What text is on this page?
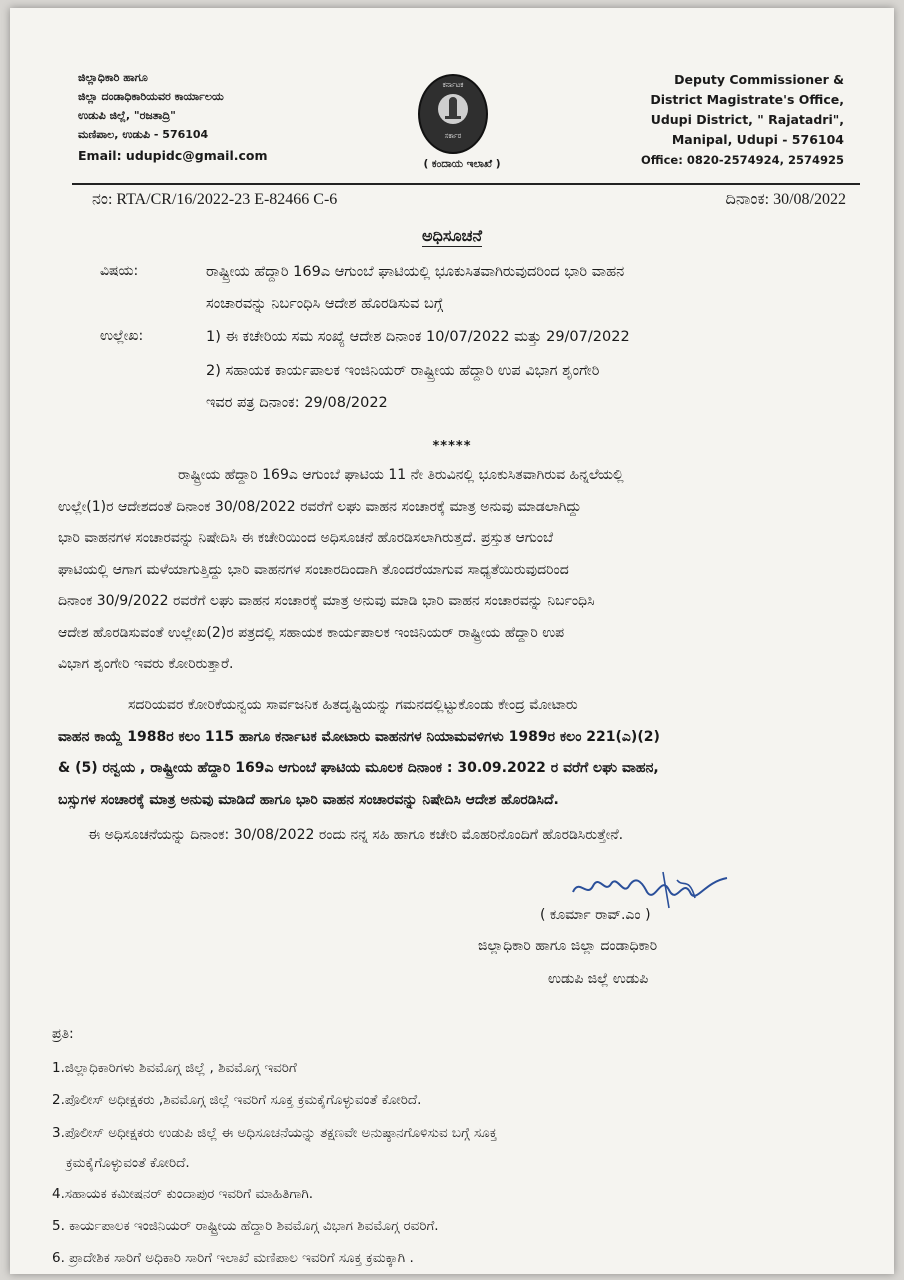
ಜಿಲ್ಲಾಧಿಕಾರಿ ಹಾಗೂ
ಜಿಲ್ಲಾ ದಂಡಾಧಿಕಾರಿಯವರ ಕಾರ್ಯಾಲಯ
ಉಡುಪಿ ಜಿಲ್ಲೆ, "ರಜತಾದ್ರಿ"
ಮಣಿಪಾಲ, ಉಡುಪಿ - 576104
Email: udupidc@gmail.com
ಕರ್ನಾಟಕ
ಸರ್ಕಾರ
( ಕಂದಾಯ ಇಲಾಖೆ )
Deputy Commissioner &
District Magistrate's Office,
Udupi District, " Rajatadri",
Manipal, Udupi - 576104
Office: 0820-2574924, 2574925
ನಂ: RTA/CR/16/2022-23 E-82466 C-6	ದಿನಾಂಕ: 30/08/2022
ಅಧಿಸೂಚನೆ
ವಿಷಯ:	ರಾಷ್ಟ್ರೀಯ ಹೆದ್ದಾರಿ 169ಎ ಆಗುಂಬೆ ಘಾಟಿಯಲ್ಲಿ ಭೂಕುಸಿತವಾಗಿರುವುದರಿಂದ ಭಾರಿ ವಾಹನ
ಸಂಚಾರವನ್ನು ನಿರ್ಬಂಧಿಸಿ ಆದೇಶ ಹೊರಡಿಸುವ ಬಗ್ಗೆ
ಉಲ್ಲೇಖ:	1) ಈ ಕಚೇರಿಯ ಸಮ ಸಂಖ್ಯೆ ಆದೇಶ ದಿನಾಂಕ 10/07/2022 ಮತ್ತು 29/07/2022
2) ಸಹಾಯಕ ಕಾರ್ಯಪಾಲಕ ಇಂಜಿನಿಯರ್ ರಾಷ್ಟ್ರೀಯ ಹೆದ್ದಾರಿ ಉಪ ವಿಭಾಗ ಶೃಂಗೇರಿ
ಇವರ ಪತ್ರ ದಿನಾಂಕ: 29/08/2022
*****
ರಾಷ್ಟ್ರೀಯ ಹೆದ್ದಾರಿ 169ಎ ಆಗುಂಬೆ ಘಾಟಿಯ 11 ನೇ ತಿರುವಿನಲ್ಲಿ ಭೂಕುಸಿತವಾಗಿರುವ ಹಿನ್ನಲೆಯಲ್ಲಿ
ಉಲ್ಲೇ(1)ರ ಆದೇಶದಂತೆ ದಿನಾಂಕ 30/08/2022 ರವರೆಗೆ ಲಘು ವಾಹನ ಸಂಚಾರಕ್ಕೆ ಮಾತ್ರ ಅನುವು ಮಾಡಲಾಗಿದ್ದು
ಭಾರಿ ವಾಹನಗಳ ಸಂಚಾರವನ್ನು ನಿಷೇದಿಸಿ ಈ ಕಚೇರಿಯಿಂದ ಅಧಿಸೂಚನೆ ಹೊರಡಿಸಲಾಗಿರುತ್ತದೆ. ಪ್ರಸ್ತುತ ಆಗುಂಬೆ
ಘಾಟಿಯಲ್ಲಿ ಆಗಾಗ ಮಳೆಯಾಗುತ್ತಿದ್ದು ಭಾರಿ ವಾಹನಗಳ ಸಂಚಾರದಿಂದಾಗಿ ತೊಂದರೆಯಾಗುವ ಸಾಧ್ಯತೆಯಿರುವುದರಿಂದ
ದಿನಾಂಕ 30/9/2022 ರವರೆಗೆ ಲಘು ವಾಹನ ಸಂಚಾರಕ್ಕೆ ಮಾತ್ರ ಅನುವು ಮಾಡಿ ಭಾರಿ ವಾಹನ ಸಂಚಾರವನ್ನು ನಿರ್ಬಂಧಿಸಿ
ಆದೇಶ ಹೊರಡಿಸುವಂತೆ ಉಲ್ಲೇಖ(2)ರ ಪತ್ರದಲ್ಲಿ ಸಹಾಯಕ ಕಾರ್ಯಪಾಲಕ ಇಂಜಿನಿಯರ್ ರಾಷ್ಟ್ರೀಯ ಹೆದ್ದಾರಿ ಉಪ
ವಿಭಾಗ ಶೃಂಗೇರಿ ಇವರು ಕೋರಿರುತ್ತಾರೆ.
ಸದರಿಯವರ ಕೋರಿಕೆಯನ್ವಯ ಸಾರ್ವಜನಿಕ ಹಿತದೃಷ್ಟಿಯನ್ನು ಗಮನದಲ್ಲಿಟ್ಟುಕೊಂಡು ಕೇಂದ್ರ ಮೋಟಾರು
ವಾಹನ ಕಾಯ್ದೆ 1988ರ ಕಲಂ 115 ಹಾಗೂ ಕರ್ನಾಟಕ ಮೋಟಾರು ವಾಹನಗಳ ನಿಯಾಮವಳಿಗಳು 1989ರ ಕಲಂ 221(ಎ)(2)
& (5) ರನ್ವಯ , ರಾಷ್ಟ್ರೀಯ ಹೆದ್ದಾರಿ 169ಎ ಆಗುಂಬೆ ಘಾಟಿಯ ಮೂಲಕ ದಿನಾಂಕ : 30.09.2022 ರ ವರೆಗೆ ಲಘು ವಾಹನ,
ಬಸ್ಸುಗಳ ಸಂಚಾರಕ್ಕೆ ಮಾತ್ರ ಅನುವು ಮಾಡಿದೆ ಹಾಗೂ ಭಾರಿ ವಾಹನ ಸಂಚಾರವನ್ನು ನಿಷೇದಿಸಿ ಆದೇಶ ಹೊರಡಿಸಿದೆ.
ಈ ಅಧಿಸೂಚನೆಯನ್ನು ದಿನಾಂಕ: 30/08/2022 ರಂದು ನನ್ನ ಸಹಿ ಹಾಗೂ ಕಚೇರಿ ಮೊಹರಿನೊಂದಿಗೆ ಹೊರಡಿಸಿರುತ್ತೇನೆ.
( ಕೂರ್ಮಾ ರಾವ್.ಎಂ )
ಜಿಲ್ಲಾಧಿಕಾರಿ ಹಾಗೂ ಜಿಲ್ಲಾ ದಂಡಾಧಿಕಾರಿ
ಉಡುಪಿ ಜಿಲ್ಲೆ ಉಡುಪಿ
ಪ್ರತಿ:
1.ಜಿಲ್ಲಾಧಿಕಾರಿಗಳು ಶಿವಮೊಗ್ಗ ಜಿಲ್ಲೆ , ಶಿವಮೊಗ್ಗ ಇವರಿಗೆ
2.ಪೊಲೀಸ್ ಅಧೀಕ್ಷಕರು ,ಶಿವಮೊಗ್ಗ ಜಿಲ್ಲೆ ಇವರಿಗೆ ಸೂಕ್ತ ಕ್ರಮಕೈಗೊಳ್ಳುವಂತೆ ಕೋರಿದೆ.
3.ಪೊಲೀಸ್ ಅಧೀಕ್ಷಕರು ಉಡುಪಿ ಜಿಲ್ಲೆ ಈ ಅಧಿಸೂಚನೆಯನ್ನು ತಕ್ಷಣವೇ ಅನುಷ್ಠಾನಗೊಳಿಸುವ ಬಗ್ಗೆ ಸೂಕ್ತ
ಕ್ರಮಕೈಗೊಳ್ಳುವಂತೆ ಕೋರಿದೆ.
4.ಸಹಾಯಕ ಕಮೀಷನರ್ ಕುಂದಾಪುರ ಇವರಿಗೆ ಮಾಹಿತಿಗಾಗಿ.
5. ಕಾರ್ಯಪಾಲಕ ಇಂಜಿನಿಯರ್ ರಾಷ್ಟ್ರೀಯ ಹೆದ್ದಾರಿ ಶಿವಮೊಗ್ಗ ವಿಭಾಗ ಶಿವಮೊಗ್ಗ ರವರಿಗೆ.
6. ಪ್ರಾದೇಶಿಕ ಸಾರಿಗೆ ಅಧಿಕಾರಿ ಸಾರಿಗೆ ಇಲಾಖೆ ಮಣಿಪಾಲ ಇವರಿಗೆ ಸೂಕ್ತ ಕ್ರಮಕ್ಕಾಗಿ .
